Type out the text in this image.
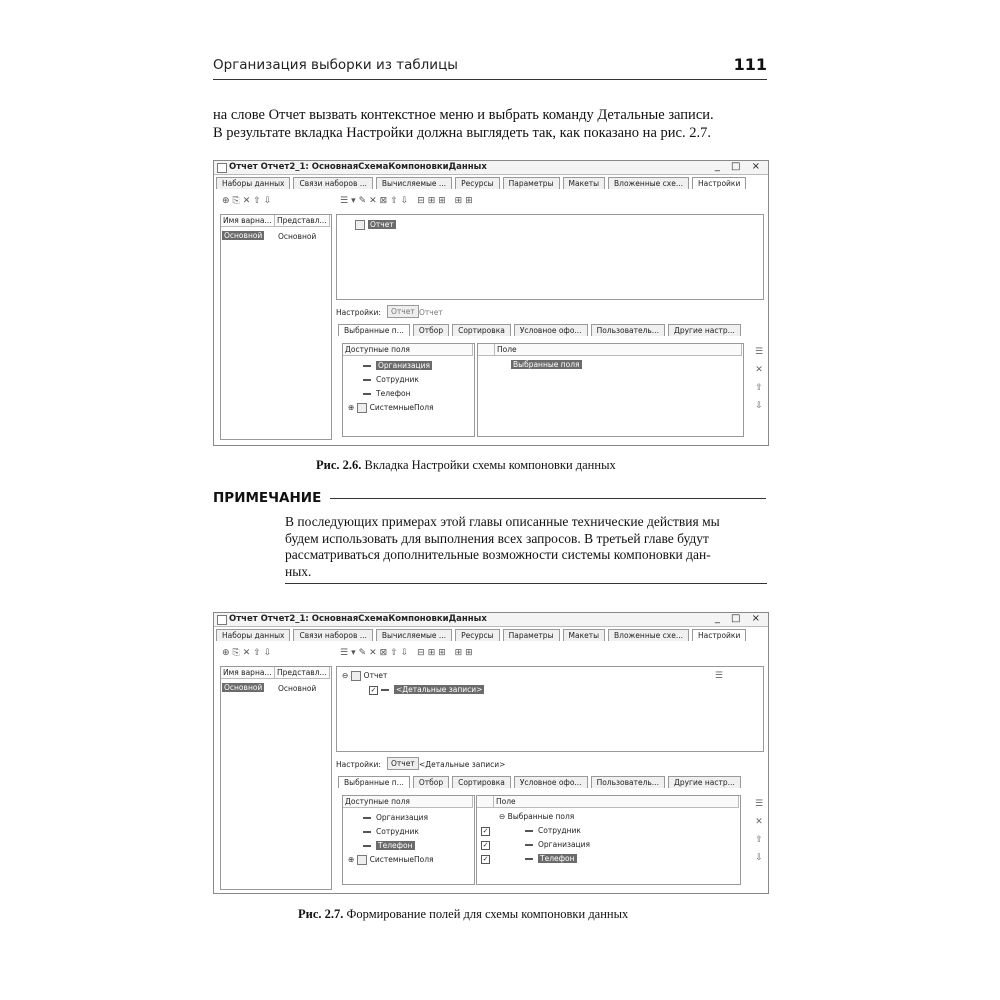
Организация выборки из таблицы	111
на слове Отчет вызвать контекстное меню и выбрать команду Детальные записи.
В результате вкладка Настройки должна выглядеть так, как показано на рис. 2.7.
Отчет Отчет2_1: ОсновнаяСхемаКомпоновкиДанных	_ □ ×
Наборы данных	Связи наборов ...	Вычисляемые ...	Ресурсы	Параметры	Макеты	Вложенные схе...	Настройки
⊕⎘✕⇧⇩	☰▾✎✕⊠⇧⇩ ⊟⊞⊞ ⊞⊞
Имя варна... Представл...
Основной Основной
Отчет
Настройки:	Отчет Отчет
Выбранные п...	Отбор	Сортировка	Условное офо...	Пользователь...	Другие настр...
Доступные поля
Организация
Сотрудник
Телефон
⊕ СистемныеПоля
Поле
Выбранные поля
☰
✕
⇧
⇩
Рис. 2.6. Вкладка Настройки схемы компоновки данных
ПРИМЕЧАНИЕ
В последующих примерах этой главы описанные технические действия мы
будем использовать для выполнения всех запросов. В третьей главе будут
рассматриваться дополнительные возможности системы компоновки дан-
ных.
Отчет Отчет2_1: ОсновнаяСхемаКомпоновкиДанных	_ □ ×
Наборы данных	Связи наборов ...	Вычисляемые ...	Ресурсы	Параметры	Макеты	Вложенные схе...	Настройки
⊕⎘✕⇧⇩	☰▾✎✕⊠⇧⇩ ⊟⊞⊞ ⊞⊞
Имя варна... Представл...
Основной Основной
⊖ Отчет
✓	<Детальные записи>
☰
Настройки:	Отчет <Детальные записи>
Выбранные п...	Отбор	Сортировка	Условное офо...	Пользователь...	Другие настр...
Доступные поля
Организация
Сотрудник
Телефон
⊕ СистемныеПоля
Поле
⊖ Выбранные поля
✓	Сотрудник
✓	Организация
✓	Телефон
☰
✕
⇧
⇩
Рис. 2.7. Формирование полей для схемы компоновки данных
